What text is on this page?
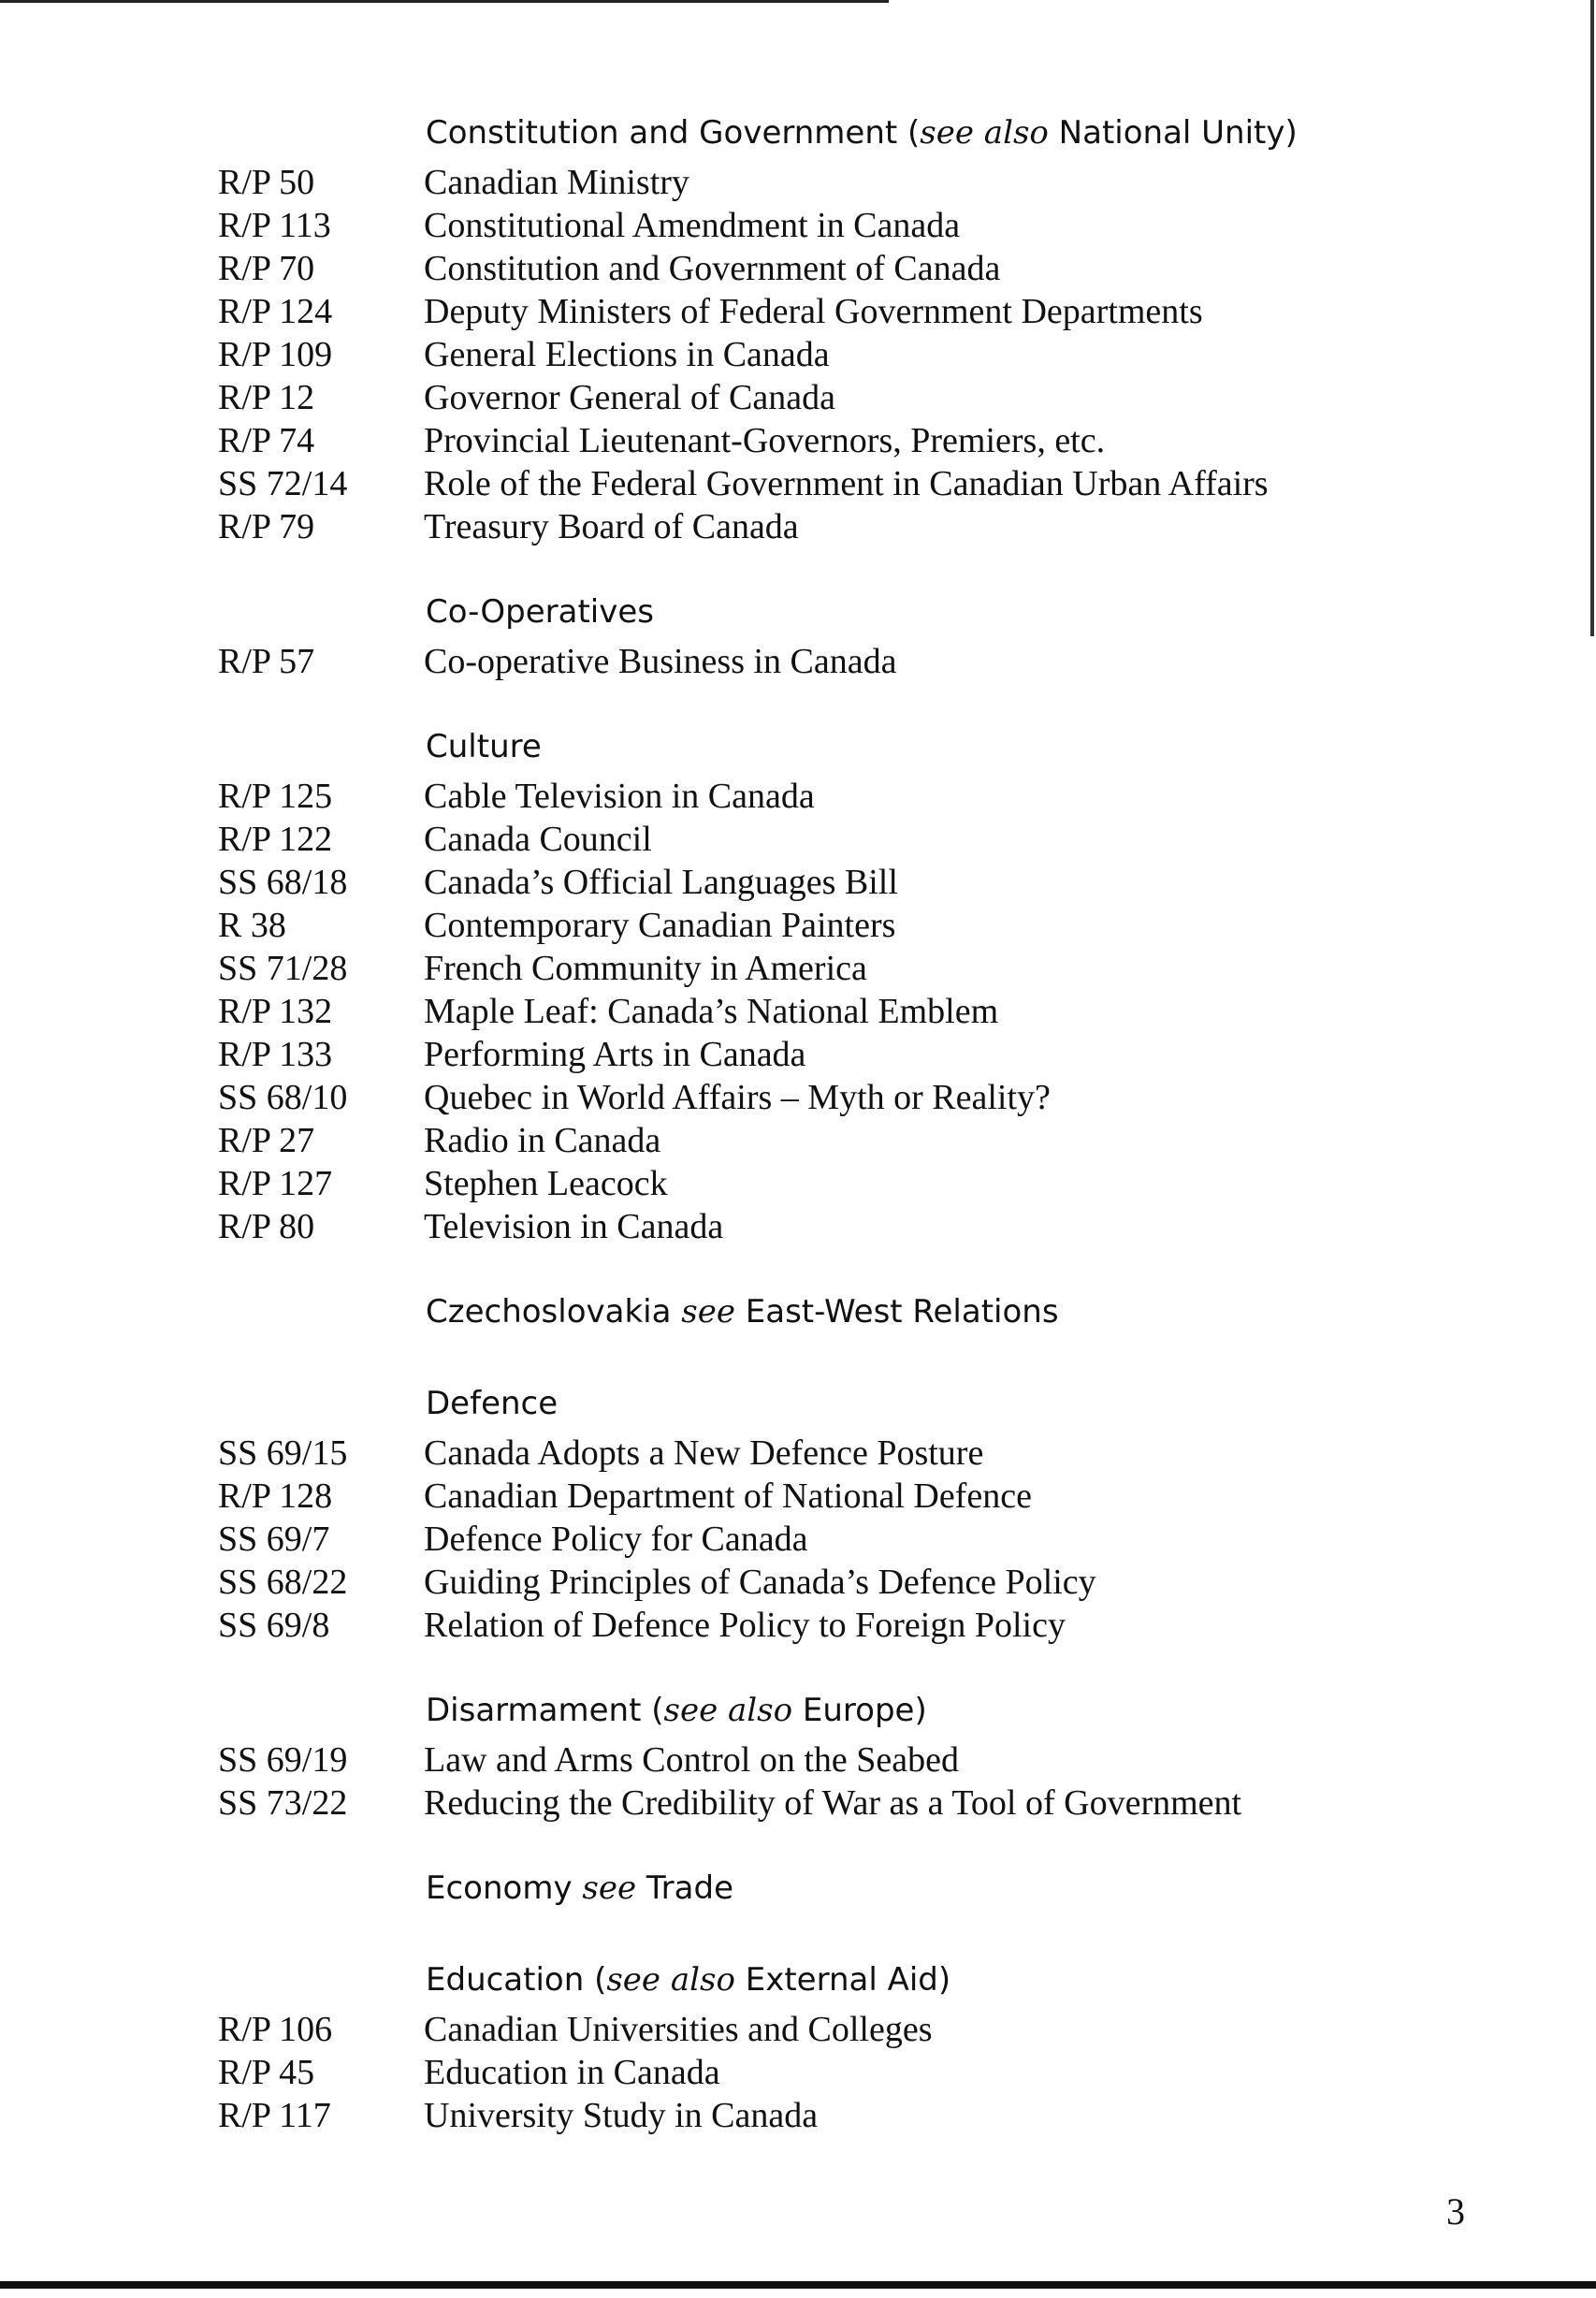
Constitution and Government (see also National Unity)
R/P 50	Canadian Ministry
R/P 113	Constitutional Amendment in Canada
R/P 70	Constitution and Government of Canada
R/P 124	Deputy Ministers of Federal Government Departments
R/P 109	General Elections in Canada
R/P 12	Governor General of Canada
R/P 74	Provincial Lieutenant-Governors, Premiers, etc.
SS 72/14	Role of the Federal Government in Canadian Urban Affairs
R/P 79	Treasury Board of Canada
Co-Operatives
R/P 57	Co-operative Business in Canada
Culture
R/P 125	Cable Television in Canada
R/P 122	Canada Council
SS 68/18	Canada’s Official Languages Bill
R 38	Contemporary Canadian Painters
SS 71/28	French Community in America
R/P 132	Maple Leaf: Canada’s National Emblem
R/P 133	Performing Arts in Canada
SS 68/10	Quebec in World Affairs – Myth or Reality?
R/P 27	Radio in Canada
R/P 127	Stephen Leacock
R/P 80	Television in Canada
Czechoslovakia see East-West Relations
Defence
SS 69/15	Canada Adopts a New Defence Posture
R/P 128	Canadian Department of National Defence
SS 69/7	Defence Policy for Canada
SS 68/22	Guiding Principles of Canada’s Defence Policy
SS 69/8	Relation of Defence Policy to Foreign Policy
Disarmament (see also Europe)
SS 69/19	Law and Arms Control on the Seabed
SS 73/22	Reducing the Credibility of War as a Tool of Government
Economy see Trade
Education (see also External Aid)
R/P 106	Canadian Universities and Colleges
R/P 45	Education in Canada
R/P 117	University Study in Canada
3
